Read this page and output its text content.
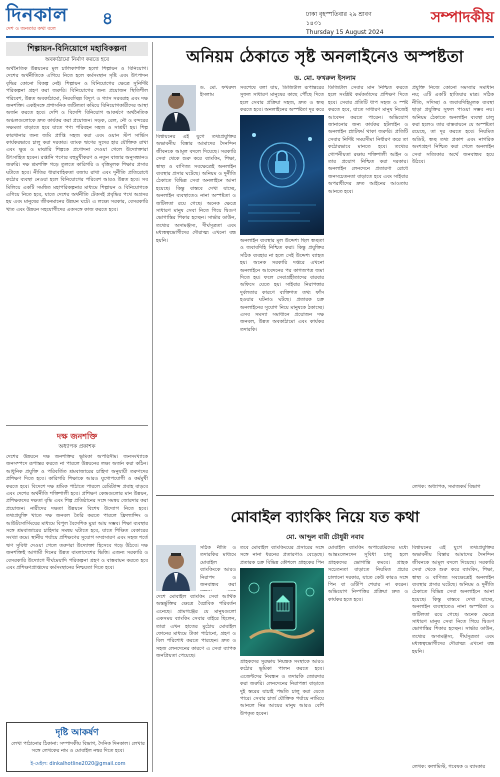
দিনকাল
দেশ ও জনতার কথা বলে	৪	ঢাকা বৃহস্পতিবার ২৯ শ্রাবণ ১৪৩১
Thursday 15 August 2024
সম্পাদকীয়
শিল্পায়ন-বিনিয়োগে মহাবিকল্পনা
অবকাঠামো নির্মাণ করতে হবে
অর্থনৈতিক উন্নয়নের মূল চালিকাশক্তি হলো শিল্পায়ন ও বিনিয়োগ। দেশের অর্থনীতিকে এগিয়ে নিতে হলে কর্মসংস্থান সৃষ্টি এবং উৎপাদন বৃদ্ধির কোনো বিকল্প নেই। শিল্পায়ন ও বিনিয়োগের ক্ষেত্রে সুনির্দিষ্ট পরিকল্পনা গ্রহণ করা জরুরি। বিনিয়োগের জন্য প্রয়োজন স্থিতিশীল পরিবেশ, উন্নত অবকাঠামো, নিরবচ্ছিন্ন বিদ্যুৎ ও গ্যাস সরবরাহ এবং দক্ষ জনশক্তি। একইসঙ্গে প্রশাসনিক জটিলতা কমিয়ে বিনিয়োগকারীদের আস্থা অর্জন করতে হবে। দেশি ও বিদেশি বিনিয়োগ আকর্ষণে অর্থনৈতিক অঞ্চলগুলোকে দ্রুত কার্যকর করা প্রয়োজন। সড়ক, রেল, নৌ ও বন্দরের সক্ষমতা বাড়াতে হবে যাতে পণ্য পরিবহন সহজ ও সাশ্রয়ী হয়। শিল্প কারখানার জন্য জমি প্রাপ্তি সহজ করা এবং ওয়ান স্টপ সার্ভিস কার্যকরভাবে চালু করা দরকার। ব্যাংক ঋণের সুদের হার যৌক্তিক রাখা এবং ক্ষুদ্র ও মাঝারি শিল্পকে প্রণোদনা দেওয়া গেলে উদ্যোক্তারা উৎসাহিত হবেন। রপ্তানি পণ্যের বহুমুখীকরণ ও নতুন বাজার অনুসন্ধানও জরুরি। দক্ষ শ্রমশক্তি গড়ে তুলতে কারিগরি ও বৃত্তিমূলক শিক্ষার প্রসার ঘটাতে হবে। নীতির ধারাবাহিকতা বজায় রাখা এবং দুর্নীতি প্রতিরোধে কঠোর ব্যবস্থা নেওয়া হলে বিনিয়োগের পরিবেশ আরও উন্নত হবে। সব মিলিয়ে একটি সমন্বিত মহাপরিকল্পনার মাধ্যমে শিল্পায়ন ও বিনিয়োগকে এগিয়ে নিতে হবে, যাতে দেশের অর্থনীতি টেকসই প্রবৃদ্ধির পথে অগ্রসর হয় এবং মানুষের জীবনমানের উন্নয়ন ঘটে। এ লক্ষ্যে সরকার, বেসরকারি খাত এবং উন্নয়ন সহযোগীদের একসঙ্গে কাজ করতে হবে।
দক্ষ জনশক্তি
অধ্যাপক প্রকাশক
দেশের উন্নয়নে দক্ষ জনশক্তির ভূমিকা অপরিসীম। জনসংখ্যাকে জনসম্পদে রূপান্তর করতে না পারলে উন্নয়নের লক্ষ্য অর্জন করা কঠিন। আধুনিক প্রযুক্তি ও পরিবর্তিত শ্রমবাজারের চাহিদা অনুযায়ী তরুণদের প্রশিক্ষণ দিতে হবে। কারিগরি শিক্ষাকে আরও যুগোপযোগী ও কর্মমুখী করতে হবে। বিদেশে দক্ষ শ্রমিক পাঠাতে পারলে রেমিট্যান্স প্রবাহ বাড়বে এবং দেশের অর্থনীতি শক্তিশালী হবে। প্রশিক্ষণ কেন্দ্রগুলোর মান উন্নয়ন, প্রশিক্ষকদের দক্ষতা বৃদ্ধি এবং শিল্প প্রতিষ্ঠানের সঙ্গে সমন্বয় জোরদার করা প্রয়োজন। নারীদের দক্ষতা উন্নয়নে বিশেষ উদ্যোগ নিতে হবে। তথ্যপ্রযুক্তি খাতে দক্ষ জনবল তৈরি করতে পারলে ফ্রিল্যান্সিং ও আউটসোর্সিংয়ের মাধ্যমে বিপুল বৈদেশিক মুদ্রা আয় সম্ভব। শিক্ষা ব্যবস্থার সঙ্গে শ্রমবাজারের চাহিদার সমন্বয় ঘটাতে হবে, যাতে শিক্ষিত বেকারের সংখ্যা কমে। স্থানীয় পর্যায়ে প্রশিক্ষণের সুযোগ সম্প্রসারণ এবং সহজ শর্তে ঋণ সুবিধা দেওয়া গেলে তরুণরা উদ্যোক্তা হিসেবে গড়ে উঠবে। দক্ষ জনশক্তিই আগামী দিনের উন্নত বাংলাদেশের ভিত্তি। এজন্য সরকারি ও বেসরকারি উদ্যোগে দীর্ঘমেয়াদি পরিকল্পনা গ্রহণ ও বাস্তবায়ন করতে হবে এবং প্রশিক্ষণপ্রাপ্তদের কর্মসংস্থানের নিশ্চয়তা দিতে হবে।
দৃষ্টি আকর্ষণ
লেখা পাঠানোর ঠিকানা: সম্পাদকীয় বিভাগ, দৈনিক দিনকাল। লেখার সঙ্গে লেখকের নাম ও মোবাইল নম্বর দিতে হবে।
ই-মেইল: dinkalhotline2020@gmail.com
অনিয়ম ঠেকাতে সৃষ্ট অনলাইনেও অস্পষ্টতা
ড. মো. ফখরুল ইসলাম
ড. মো. ফখরুল ইসলাম
বিশ্বায়নের এই যুগে তথ্যপ্রযুক্তির অভাবনীয় বিস্তার আমাদের দৈনন্দিন জীবনকে আমূল বদলে দিয়েছে। সরকারি সেবা থেকে শুরু করে ব্যাংকিং, শিক্ষা, স্বাস্থ্য ও বাণিজ্য সবক্ষেত্রেই অনলাইন ব্যবস্থার প্রসার ঘটেছে। অনিয়ম ও দুর্নীতি ঠেকাতে বিভিন্ন সেবা অনলাইনে আনা হয়েছে। কিন্তু বাস্তবে দেখা যাচ্ছে, অনলাইন ব্যবস্থাতেও নানা অস্পষ্টতা ও জটিলতা রয়ে গেছে। অনেক ক্ষেত্রে সাধারণ মানুষ সেবা নিতে গিয়ে দ্বিগুণ ভোগান্তির শিকার হচ্ছেন। সার্ভার ডাউন, তথ্যের অসামঞ্জস্য, দীর্ঘসূত্রতা এবং মধ্যস্বত্বভোগীদের দৌরাত্ম্য এখনো বন্ধ হয়নি।
সবশেষে বলা যায়, ডিজিটাল রূপান্তরের সুফল সাধারণ মানুষের কাছে পৌঁছে দিতে হলে সেবার প্রক্রিয়া সহজ, দ্রুত ও স্বচ্ছ করতে হবে। অনলাইনের অস্পষ্টতা দূর করে
অনলাইন ব্যবস্থার মূল উদ্দেশ্য ছিল স্বচ্ছতা ও জবাবদিহি নিশ্চিত করা। কিন্তু প্রযুক্তির সঠিক ব্যবহার না হলে সেই উদ্দেশ্য ব্যাহত হয়। অনেক সরকারি দপ্তরে এখনো অনলাইনে আবেদনের পর কাগজপত্র জমা দিতে হয়। ফলে সেবাগ্রহীতাদের বারবার অফিসে যেতে হয়। সাইবার নিরাপত্তার দুর্বলতার কারণে ব্যক্তিগত তথ্য ফাঁস হওয়ার ঘটনাও ঘটছে। প্রতারক চক্র অনলাইনের সুযোগ নিয়ে মানুষকে ঠকাচ্ছে। এসব সমস্যা সমাধানে প্রয়োজন দক্ষ জনবল, উন্নত অবকাঠামো এবং কার্যকর তদারকি।
ডিজিটাল সেবার মান নিশ্চিত করতে হলে সংশ্লিষ্ট কর্মকর্তাদের প্রশিক্ষণ দিতে হবে। সেবার প্রতিটি ধাপ সহজ ও স্পষ্ট করতে হবে, যাতে সাধারণ মানুষ নিজেই আবেদন করতে পারেন। অভিযোগ জানানোর জন্য কার্যকর হটলাইন ও অনলাইন প্ল্যাটফর্ম থাকা জরুরি। প্রতিটি সেবার নির্দিষ্ট সময়সীমা নির্ধারণ করে তা কঠোরভাবে মানতে হবে। তথ্যের গোপনীয়তা রক্ষায় শক্তিশালী আইন ও তার প্রয়োগ নিশ্চিত করা দরকার। অনলাইন লেনদেনে প্রতারণা রোধে জনসচেতনতা বাড়াতে হবে এবং সাইবার অপরাধীদের দ্রুত আইনের আওতায় আনতে হবে।
প্রযুক্তি নিজে কোনো সমস্যার সমাধান নয়; এটি একটি হাতিয়ার মাত্র। সঠিক নীতি, সদিচ্ছা ও জবাবদিহিমূলক ব্যবস্থা ছাড়া প্রযুক্তির সুফল পাওয়া সম্ভব নয়। অনিয়ম ঠেকাতে অনলাইন ব্যবস্থা চালু করা হলেও তার বাস্তবায়নে যে অস্পষ্টতা রয়েছে, তা দূর করতে হবে। নিয়মিত অডিট, স্বচ্ছ তথ্য প্রকাশ এবং নাগরিক অংশগ্রহণ নিশ্চিত করা গেলে অনলাইন সেবা সত্যিকার অর্থে জনবান্ধব হয়ে উঠবে।
লেখক: অধ্যাপক, সমাজকর্ম বিভাগ
মোবাইল ব্যাংকিং নিয়ে যত কথা
মো. আব্দুল বারী চৌধুরী নবাব
দেশে মোবাইল ব্যাংকিং সেবা আর্থিক অন্তর্ভুক্তির ক্ষেত্রে বৈপ্লবিক পরিবর্তন এনেছে। গ্রামগঞ্জের যে মানুষগুলো একসময় ব্যাংকিং সেবার বাইরে ছিলেন, তারা এখন হাতের মুঠোয় মোবাইল ফোনের মাধ্যমে টাকা পাঠানো, গ্রহণ ও বিল পরিশোধ করতে পারছেন। দ্রুত ও সহজ লেনদেনের কারণে এ সেবা ব্যাপক জনপ্রিয়তা পেয়েছে।
সঠিক নীতি ও তদারকির মাধ্যমে মোবাইল ব্যাংকিংকে আরও নিরাপদ ও জনবান্ধব করা
তবে মোবাইল ব্যাংকিংয়ের প্রসারের সঙ্গে সঙ্গে নানা ধরনের প্রতারণাও বেড়েছে। প্রতারক চক্র বিভিন্ন কৌশলে গ্রাহকের পিন
গ্রাহকদের সুরক্ষায় নিয়ন্ত্রক সংস্থাকে আরও কঠোর ভূমিকা পালন করতে হবে। এজেন্টদের নিবন্ধন ও তদারকি জোরদার করা জরুরি। লেনদেনের নিরাপত্তা বাড়াতে দুই স্তরের যাচাই পদ্ধতি চালু করা যেতে পারে। সেবার চার্জ যৌক্তিক পর্যায়ে নামিয়ে আনলে নিম্ন আয়ের মানুষ আরও বেশি উপকৃত হবেন।
মোবাইল ব্যাংকিং অপারেটরদের মধ্যে আন্তঃলেনদেন সুবিধা চালু হলে গ্রাহকদের ভোগান্তি কমবে। গ্রাহক সচেতনতা বাড়াতে নিয়মিত প্রচার চালানো দরকার, যাতে কেউ কারও সঙ্গে পিন বা ওটিপি শেয়ার না করেন। অভিযোগ নিষ্পত্তির প্রক্রিয়া দ্রুত ও কার্যকর হতে হবে।
বিশ্বায়নের এই যুগে তথ্যপ্রযুক্তির অভাবনীয় বিস্তার আমাদের দৈনন্দিন জীবনকে আমূল বদলে দিয়েছে। সরকারি সেবা থেকে শুরু করে ব্যাংকিং, শিক্ষা, স্বাস্থ্য ও বাণিজ্য সবক্ষেত্রেই অনলাইন ব্যবস্থার প্রসার ঘটেছে। অনিয়ম ও দুর্নীতি ঠেকাতে বিভিন্ন সেবা অনলাইনে আনা হয়েছে। কিন্তু বাস্তবে দেখা যাচ্ছে, অনলাইন ব্যবস্থাতেও নানা অস্পষ্টতা ও জটিলতা রয়ে গেছে। অনেক ক্ষেত্রে সাধারণ মানুষ সেবা নিতে গিয়ে দ্বিগুণ ভোগান্তির শিকার হচ্ছেন। সার্ভার ডাউন, তথ্যের অসামঞ্জস্য, দীর্ঘসূত্রতা এবং মধ্যস্বত্বভোগীদের দৌরাত্ম্য এখনো বন্ধ হয়নি।
লেখক: কলামিস্ট, গবেষক ও ব্যাংকার
